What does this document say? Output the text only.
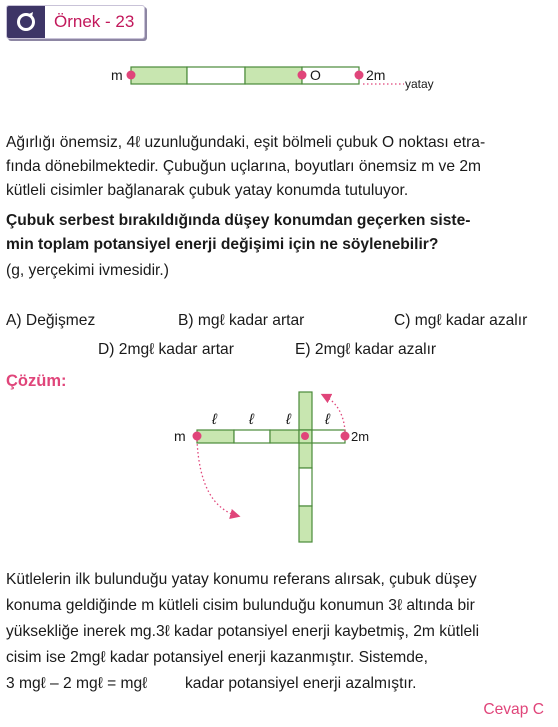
Örnek - 23
m	O	2m
yatay
Ağırlığı önemsiz, 4ℓ uzunluğundaki, eşit bölmeli çubuk O noktası etra-
fında dönebilmektedir. Çubuğun uçlarına, boyutları önemsiz m ve 2m
kütleli cisimler bağlanarak çubuk yatay konumda tutuluyor.
Çubuk serbest bırakıldığında düşey konumdan geçerken siste-
min toplam potansiyel enerji değişimi için ne söylenebilir?
(g, yerçekimi ivmesidir.)
A) Değişmez	B) mgℓ kadar artar	C) mgℓ kadar azalır
D) 2mgℓ kadar artar	E) 2mgℓ kadar azalır
Çözüm:
m	2m
ℓ ℓ ℓ ℓ
Kütlelerin ilk bulunduğu yatay konumu referans alırsak, çubuk düşey
konuma geldiğinde m kütleli cisim bulunduğu konumun 3ℓ altında bir
yüksekliğe inerek mg.3ℓ kadar potansiyel enerji kaybetmiş, 2m kütleli
cisim ise 2mgℓ kadar potansiyel enerji kazanmıştır. Sistemde,
3 mgℓ – 2 mgℓ = mgℓ kadar potansiyel enerji azalmıştır.
Cevap C
